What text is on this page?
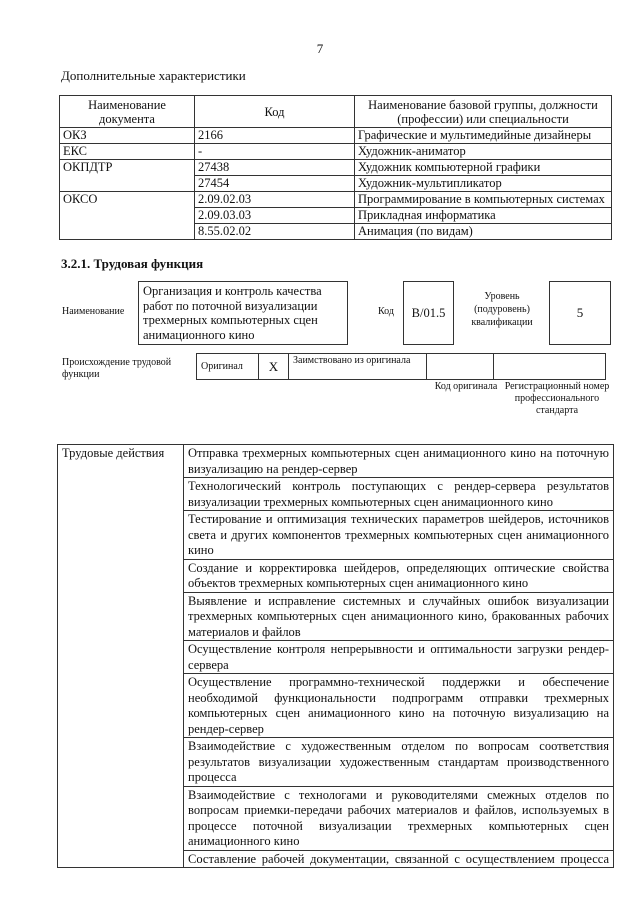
7
Дополнительные характеристики
Наименование документа	Код	Наименование базовой группы, должности (профессии) или специальности
ОКЗ	2166	Графические и мультимедийные дизайнеры
ЕКС	-	Художник-аниматор
ОКПДТР	27438	Художник компьютерной графики
	27454	Художник-мультипликатор
ОКСО	2.09.02.03	Программирование в компьютерных системах
	2.09.03.03	Прикладная информатика
	8.55.02.02	Анимация (по видам)
3.2.1. Трудовая функция
Наименование
Организация и контроль качества работ по поточной визуализации трехмерных компьютерных сцен анимационного кино
Код	B/01.5
Уровень (подуровень) квалификации
5
Происхождение трудовой функции
Оригинал	X	Заимствовано из оригинала		
Код оригинала Регистрационный номер профессионального стандарта
Трудовые действия	Отправка трехмерных компьютерных сцен анимационного кино на поточную визуализацию на рендер-сервер
Технологический контроль поступающих с рендер-сервера результатов визуализации трехмерных компьютерных сцен анимационного кино
Тестирование и оптимизация технических параметров шейдеров, источников света и других компонентов трехмерных компьютерных сцен анимационного кино
Создание и корректировка шейдеров, определяющих оптические свойства объектов трехмерных компьютерных сцен анимационного кино
Выявление и исправление системных и случайных ошибок визуализации трехмерных компьютерных сцен анимационного кино, бракованных рабочих материалов и файлов
Осуществление контроля непрерывности и оптимальности загрузки рендер-сервера
Осуществление программно-технической поддержки и обеспечение необходимой функциональности подпрограмм отправки трехмерных компьютерных сцен анимационного кино на поточную визуализацию на рендер-сервер
Взаимодействие с художественным отделом по вопросам соответствия результатов визуализации художественным стандартам производственного процесса
Взаимодействие с технологами и руководителями смежных отделов по вопросам приемки-передачи рабочих материалов и файлов, используемых в процессе поточной визуализации трехмерных компьютерных сцен анимационного кино
Составление рабочей документации, связанной с осуществлением процесса
